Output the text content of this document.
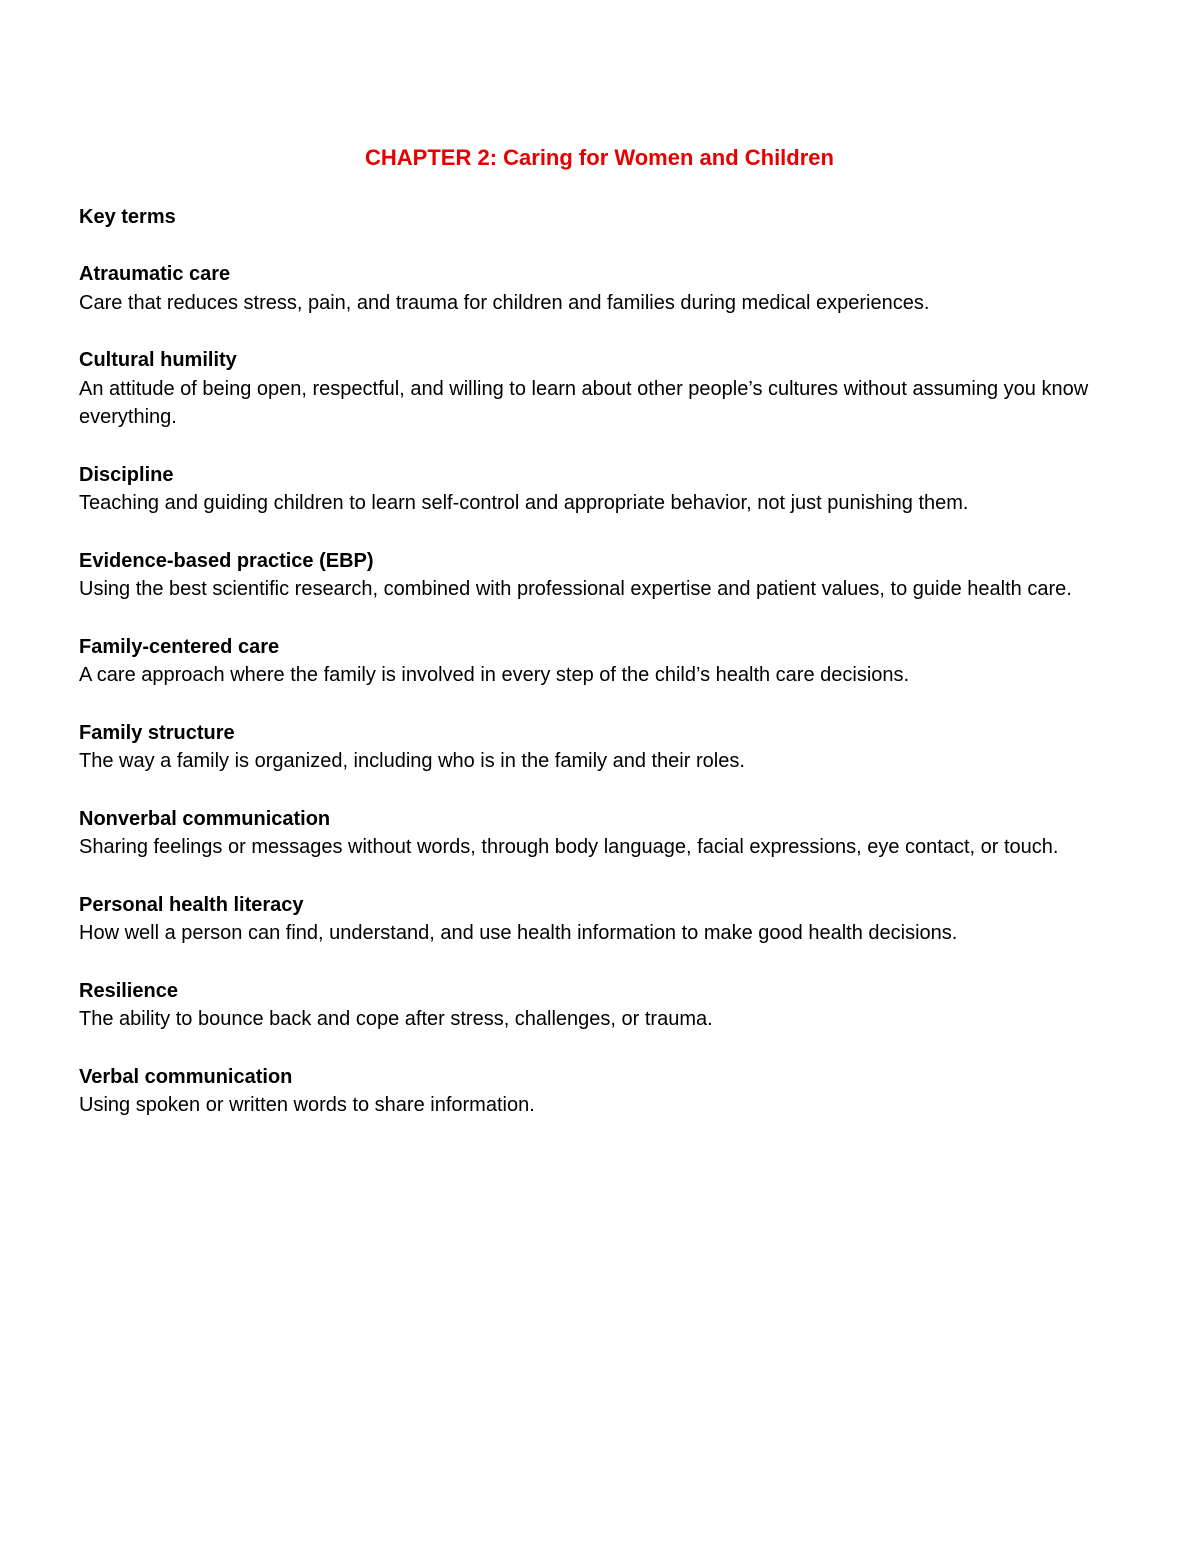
CHAPTER 2: Caring for Women and Children
Key terms
Atraumatic care
Care that reduces stress, pain, and trauma for children and families during medical experiences.
Cultural humility
An attitude of being open, respectful, and willing to learn about other people’s cultures without assuming you know everything.
Discipline
Teaching and guiding children to learn self-control and appropriate behavior, not just punishing them.
Evidence-based practice (EBP)
Using the best scientific research, combined with professional expertise and patient values, to guide health care.
Family-centered care
A care approach where the family is involved in every step of the child’s health care decisions.
Family structure
The way a family is organized, including who is in the family and their roles.
Nonverbal communication
Sharing feelings or messages without words, through body language, facial expressions, eye contact, or touch.
Personal health literacy
How well a person can find, understand, and use health information to make good health decisions.
Resilience
The ability to bounce back and cope after stress, challenges, or trauma.
Verbal communication
Using spoken or written words to share information.
